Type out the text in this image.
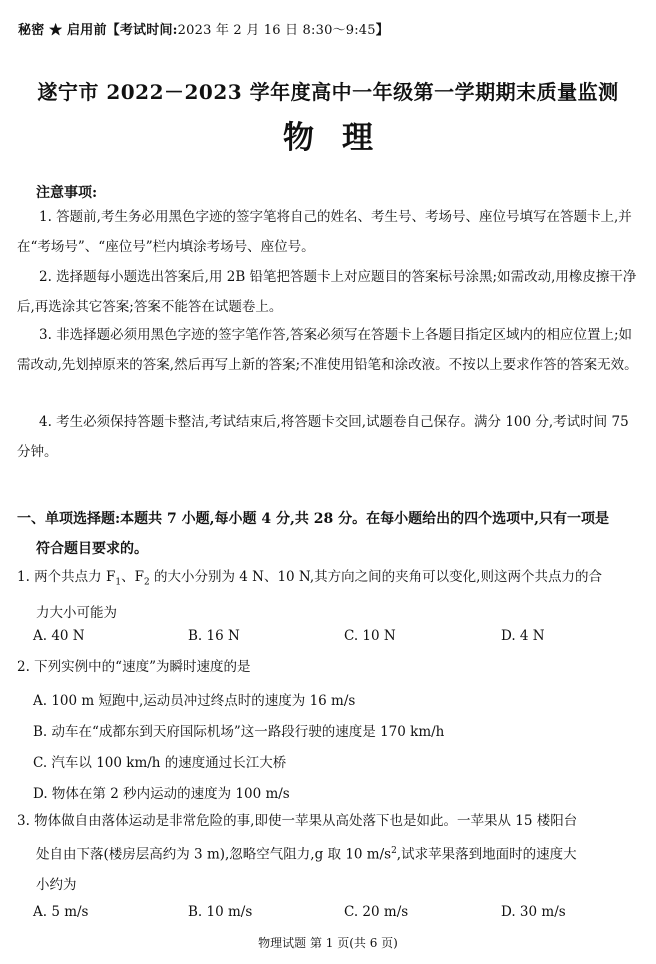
秘密 ★ 启用前【考试时间:2023 年 2 月 16 日 8:30～9:45】
遂宁市 2022－2023 学年度高中一年级第一学期期末质量监测
物理
注意事项:
1. 答题前,考生务必用黑色字迹的签字笔将自己的姓名、考生号、考场号、座位号填写在答题卡上,并在“考场号”、“座位号”栏内填涂考场号、座位号。
2. 选择题每小题选出答案后,用 2B 铅笔把答题卡上对应题目的答案标号涂黑;如需改动,用橡皮擦干净后,再选涂其它答案;答案不能答在试题卷上。
3. 非选择题必须用黑色字迹的签字笔作答,答案必须写在答题卡上各题目指定区域内的相应位置上;如需改动,先划掉原来的答案,然后再写上新的答案;不准使用铅笔和涂改液。不按以上要求作答的答案无效。
4. 考生必须保持答题卡整洁,考试结束后,将答题卡交回,试题卷自己保存。满分 100 分,考试时间 75 分钟。
一、单项选择题:本题共 7 小题,每小题 4 分,共 28 分。在每小题给出的四个选项中,只有一项是
符合题目要求的。
1. 两个共点力 $F_1$、$F_2$ 的大小分别为 4 N、10 N,其方向之间的夹角可以变化,则这两个共点力的合
力大小可能为
A. 40 N	B. 16 N	C. 10 N	D. 4 N
2. 下列实例中的“速度”为瞬时速度的是
A. 100 m 短跑中,运动员冲过终点时的速度为 16 m/s
B. 动车在“成都东到天府国际机场”这一路段行驶的速度是 170 km/h
C. 汽车以 100 km/h 的速度通过长江大桥
D. 物体在第 2 秒内运动的速度为 100 m/s
3. 物体做自由落体运动是非常危险的事,即使一苹果从高处落下也是如此。一苹果从 15 楼阳台
处自由下落(楼房层高约为 3 m),忽略空气阻力,g 取 10 $m/s^2$,试求苹果落到地面时的速度大
小约为
A. 5 m/s	B. 10 m/s	C. 20 m/s	D. 30 m/s
物理试题 第 1 页(共 6 页)
